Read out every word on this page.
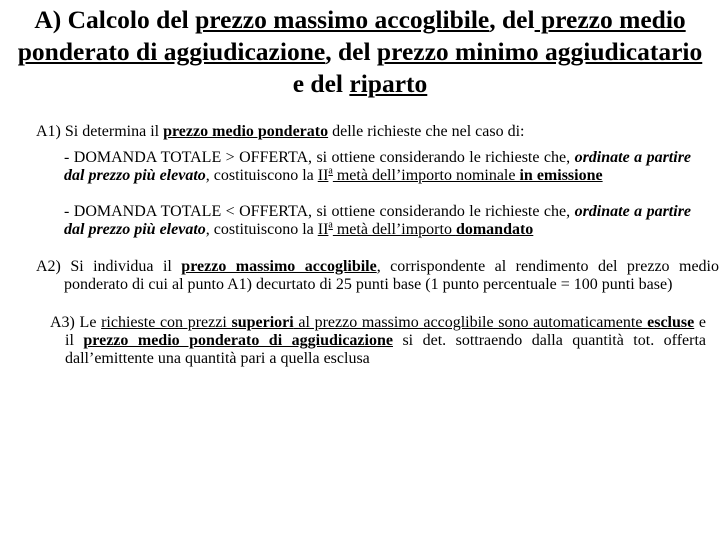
A) Calcolo del prezzo massimo accoglibile, del prezzo medio ponderato di aggiudicazione, del prezzo minimo aggiudicatario e del riparto

A1) Si determina il prezzo medio ponderato delle richieste che nel caso di:

- DOMANDA TOTALE > OFFERTA, si ottiene considerando le richieste che, ordinate a partire dal prezzo più elevato, costituiscono la $II^a$ metà dell’importo nominale in emissione

- DOMANDA TOTALE < OFFERTA, si ottiene considerando le richieste che, ordinate a partire dal prezzo più elevato, costituiscono la $II^a$ metà dell’importo domandato

A2) Si individua il prezzo massimo accoglibile, corrispondente al rendimento del prezzo medio ponderato di cui al punto A1) decurtato di 25 punti base (1 punto percentuale = 100 punti base)

A3) Le richieste con prezzi superiori al prezzo massimo accoglibile sono automaticamente escluse e il prezzo medio ponderato di aggiudicazione si det. sottraendo dalla quantità tot. offerta dall’emittente una quantità pari a quella esclusa
